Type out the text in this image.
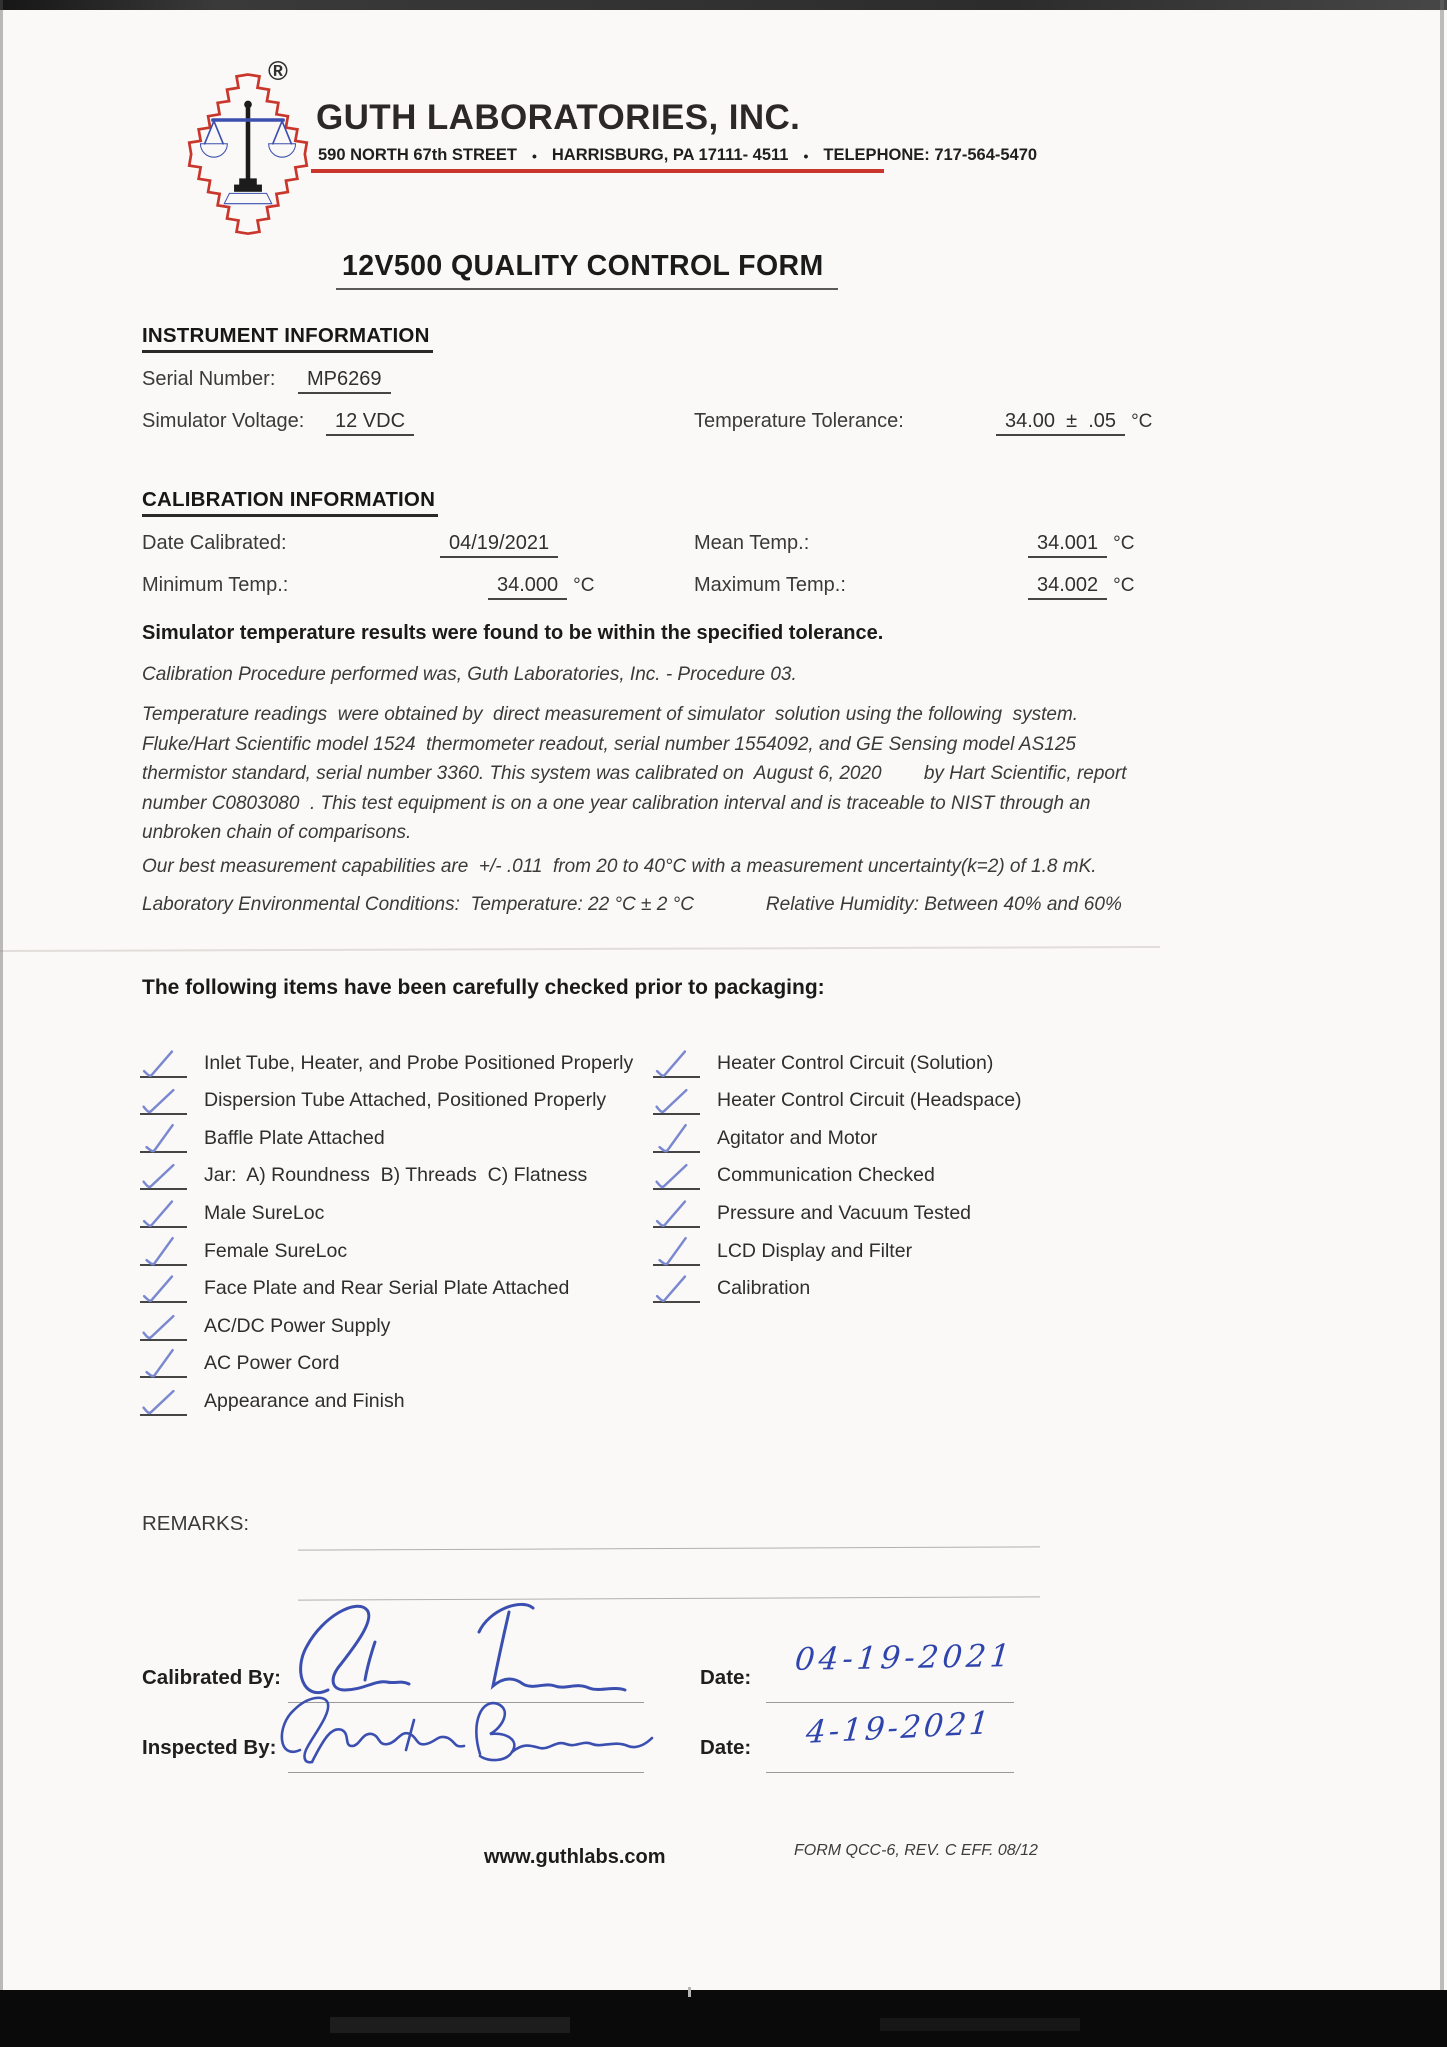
®
GUTH LABORATORIES, INC.
590 NORTH 67th STREET • HARRISBURG, PA 17111- 4511 • TELEPHONE: 717-564-5470
12V500 QUALITY CONTROL FORM
INSTRUMENT INFORMATION
Serial Number:	MP6269
Simulator Voltage:	12 VDC	Temperature Tolerance:	34.00  ±  .05 °C
CALIBRATION INFORMATION
Date Calibrated:	04/19/2021	Mean Temp.:	34.001 °C
Minimum Temp.:	34.000 °C	Maximum Temp.:	34.002 °C
Simulator temperature results were found to be within the specified tolerance.
Calibration Procedure performed was, Guth Laboratories, Inc. - Procedure 03.
Temperature readings  were obtained by  direct measurement of simulator  solution using the following  system.
Fluke/Hart Scientific model 1524  thermometer readout, serial number 1554092, and GE Sensing model AS125
thermistor standard, serial number 3360. This system was calibrated on  August 6, 2020        by Hart Scientific, report
number C0803080  . This test equipment is on a one year calibration interval and is traceable to NIST through an
unbroken chain of comparisons.
Our best measurement capabilities are  +/- .011  from 20 to 40°C with a measurement uncertainty(k=2) of 1.8 mK.
Laboratory Environmental Conditions:  Temperature: 22 °C ± 2 °C	Relative Humidity: Between 40% and 60%
The following items have been carefully checked prior to packaging:
Inlet Tube, Heater, and Probe Positioned Properly
Dispersion Tube Attached, Positioned Properly
Baffle Plate Attached
Jar:  A) Roundness  B) Threads  C) Flatness
Male SureLoc
Female SureLoc
Face Plate and Rear Serial Plate Attached
AC/DC Power Supply
AC Power Cord
Appearance and Finish
Heater Control Circuit (Solution)
Heater Control Circuit (Headspace)
Agitator and Motor
Communication Checked
Pressure and Vacuum Tested
LCD Display and Filter
Calibration
REMARKS:
Calibrated By:	Date: 04-19-2021
Inspected By:	Date: 4-19-2021
www.guthlabs.com	FORM QCC-6, REV. C EFF. 08/12
